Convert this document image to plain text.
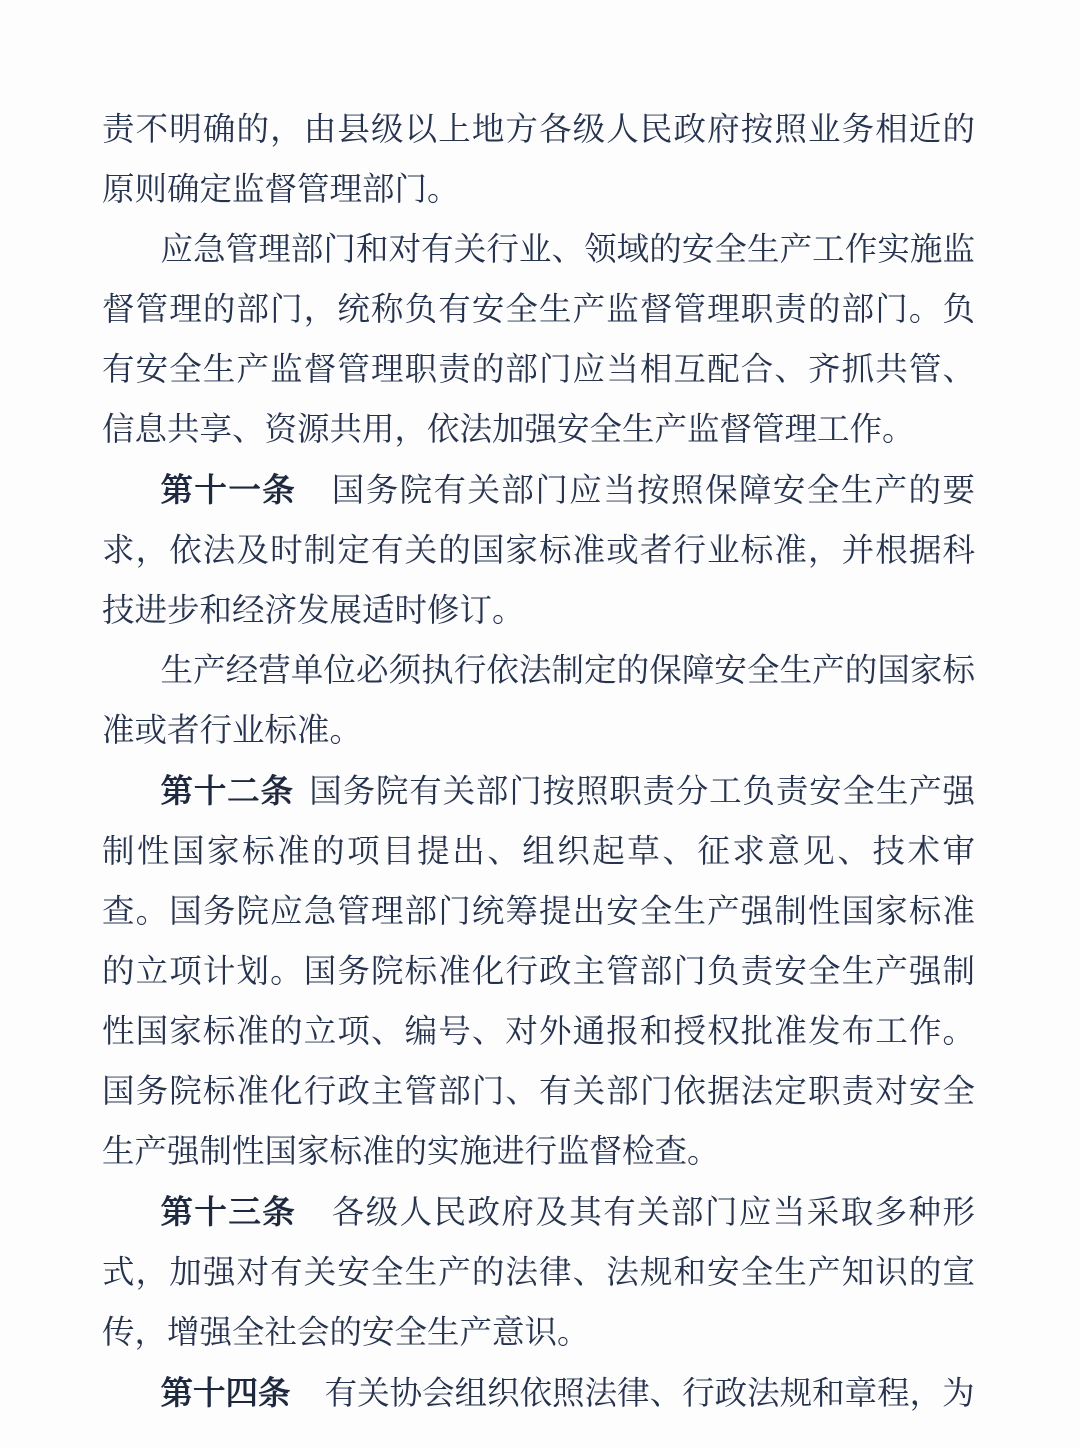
责不明确的，由县级以上地方各级人民政府按照业务相近的原则确定监督管理部门。

应急管理部门和对有关行业、领域的安全生产工作实施监督管理的部门，统称负有安全生产监督管理职责的部门。负有安全生产监督管理职责的部门应当相互配合、齐抓共管、信息共享、资源共用，依法加强安全生产监督管理工作。

第十一条 国务院有关部门应当按照保障安全生产的要求，依法及时制定有关的国家标准或者行业标准，并根据科技进步和经济发展适时修订。

生产经营单位必须执行依法制定的保障安全生产的国家标准或者行业标准。

第十二条 国务院有关部门按照职责分工负责安全生产强制性国家标准的项目提出、组织起草、征求意见、技术审查。国务院应急管理部门统筹提出安全生产强制性国家标准的立项计划。国务院标准化行政主管部门负责安全生产强制性国家标准的立项、编号、对外通报和授权批准发布工作。国务院标准化行政主管部门、有关部门依据法定职责对安全生产强制性国家标准的实施进行监督检查。

第十三条 各级人民政府及其有关部门应当采取多种形式，加强对有关安全生产的法律、法规和安全生产知识的宣传，增强全社会的安全生产意识。

第十四条 有关协会组织依照法律、行政法规和章程，为
